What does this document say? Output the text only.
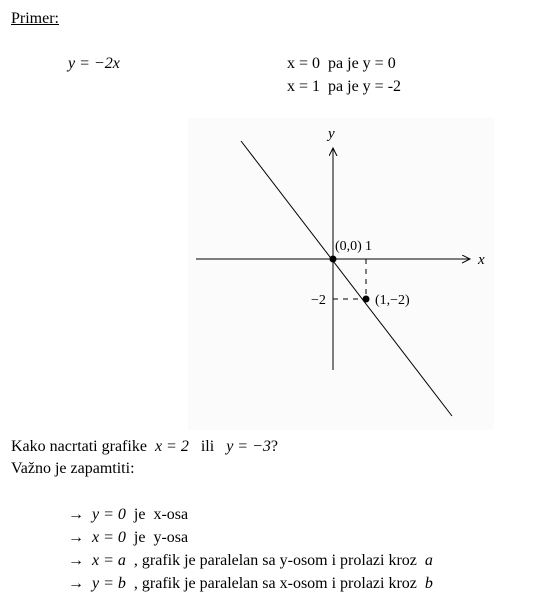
Primer:
y = −2x	x = 0  pa je y = 0
x = 1  pa je y = -2
y
x
(0,0) 1
−2	(1,−2)
Kako nacrtati grafike x = 2 ili y = −3?
Važno je zapamtiti:
→ y = 0 je  x-osa
→ x = 0 je  y-osa
→ x = a , grafik je paralelan sa y-osom i prolazi kroz a
→ y = b , grafik je paralelan sa x-osom i prolazi kroz b
